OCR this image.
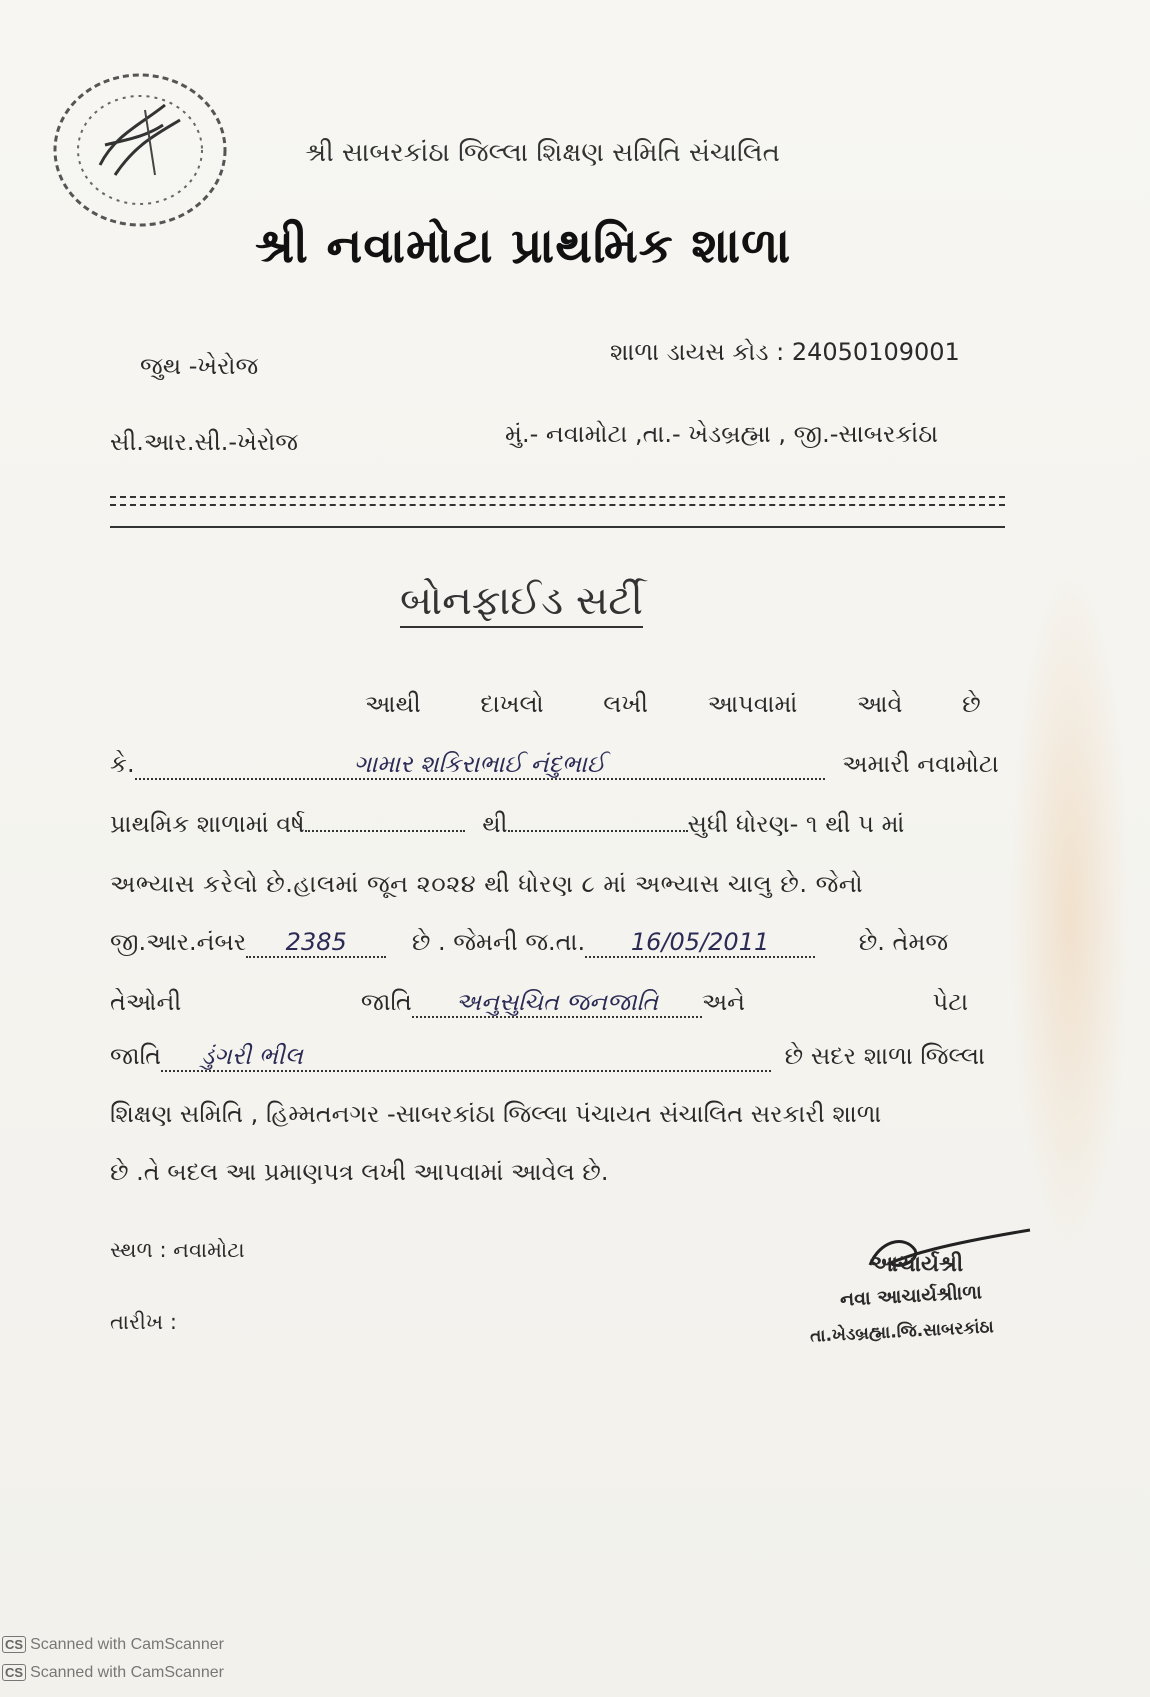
શ્રી સાબરકાંઠા જિલ્લા શિક્ષણ સમિતિ સંચાલિત
શ્રી નવામોટા પ્રાથમિક શાળા
જુથ -ખેરોજ	શાળા ડાયસ કોડ : 24050109001
સી.આર.સી.-ખેરોજ	મું.- નવામોટા ,તા.- ખેડબ્રહ્મા , જી.-સાબરકાંઠા
બોનફાઈડ સર્ટી
આથી દાખલો લખી આપવામાં આવે છે
કે.	ગામાર શકિરાભાઈ નંદુભાઈ	અમારી નવામોટા
પ્રાથમિક શાળામાં વર્ષ	થી	સુધી ધોરણ- ૧ થી ૫ માં
અભ્યાસ કરેલો છે.હાલમાં જૂન ૨૦૨૪ થી ધોરણ ૮ માં અભ્યાસ ચાલુ છે. જેનો
જી.આર.નંબર 2385	છે . જેમની જ.તા. 16/05/2011	છે. તેમજ
તેઓની	જાતિ અનુસુચિત જનજાતિ અને	પેટા
જાતિ ડુંગરી ભીલ	છે સદર શાળા જિલ્લા
શિક્ષણ સમિતિ , હિમ્મતનગર -સાબરકાંઠા જિલ્લા પંચાયત સંચાલિત સરકારી શાળા
છે .તે બદલ આ પ્રમાણપત્ર લખી આપવામાં આવેલ છે.
સ્થળ : નવામોટા
તારીખ :
આચાર્યશ્રી
નવા આચાર્યશ્રીાળા
તા.ખેડબ્રહ્મા.જિ.સાબરકાંઠા
CS Scanned with CamScanner
CS Scanned with CamScanner
